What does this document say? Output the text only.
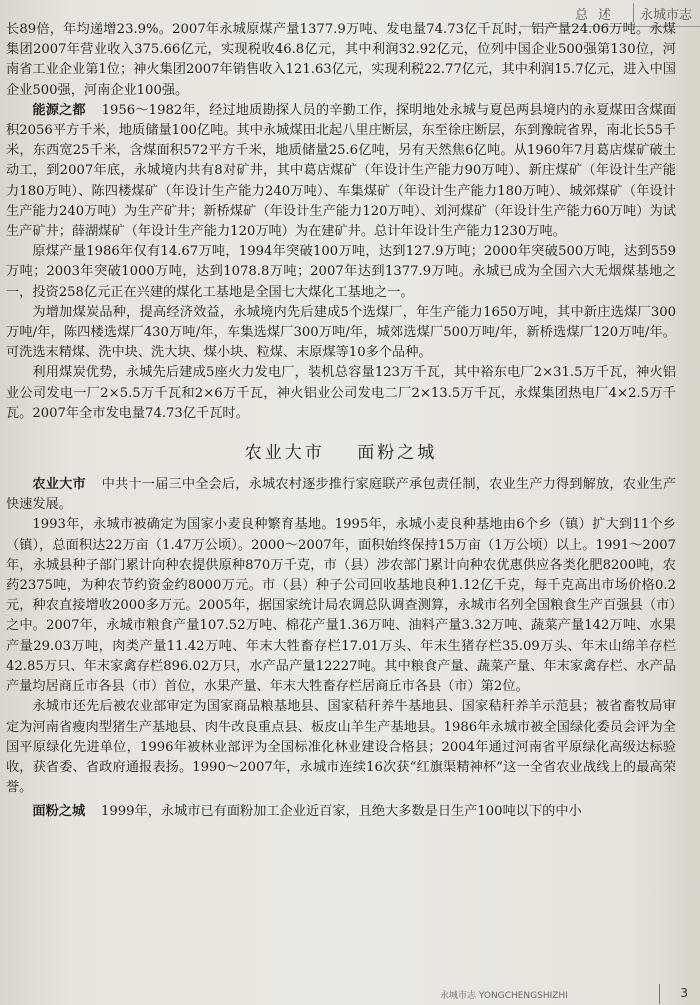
总述 永城市志

长89倍，年均递增23.9%。2007年永城原煤产量1377.9万吨、发电量74.73亿千瓦时，铝产量24.06万吨。永煤集团2007年营业收入375.66亿元，实现税收46.8亿元，其中利润32.92亿元，位列中国企业500强第130位，河南省工业企业第1位；神火集团2007年销售收入121.63亿元，实现利税22.77亿元，其中利润15.7亿元，进入中国企业500强，河南企业100强。

能源之都 1956～1982年，经过地质勘探人员的辛勤工作，探明地处永城与夏邑两县境内的永夏煤田含煤面积2056平方千米，地质储量100亿吨。其中永城煤田北起八里庄断层，东至徐庄断层，东到豫皖省界，南北长55千米，东西宽25千米，含煤面积572平方千米，地质储量25.6亿吨，另有天然焦6亿吨。从1960年7月葛店煤矿破土动工，到2007年底，永城境内共有8对矿井，其中葛店煤矿（年设计生产能力90万吨）、新庄煤矿（年设计生产能力180万吨）、陈四楼煤矿（年设计生产能力240万吨）、车集煤矿（年设计生产能力180万吨）、城郊煤矿（年设计生产能力240万吨）为生产矿井；新桥煤矿（年设计生产能力120万吨）、刘河煤矿（年设计生产能力60万吨）为试生产矿井；薛湖煤矿（年设计生产能力120万吨）为在建矿井。总计年设计生产能力1230万吨。

原煤产量1986年仅有14.67万吨，1994年突破100万吨，达到127.9万吨；2000年突破500万吨，达到559万吨；2003年突破1000万吨，达到1078.8万吨；2007年达到1377.9万吨。永城已成为全国六大无烟煤基地之一，投资258亿元正在兴建的煤化工基地是全国七大煤化工基地之一。

为增加煤炭品种，提高经济效益，永城境内先后建成5个选煤厂，年生产能力1650万吨，其中新庄选煤厂300万吨/年，陈四楼选煤厂430万吨/年，车集选煤厂300万吨/年，城郊选煤厂500万吨/年，新桥选煤厂120万吨/年。可洗选末精煤、洗中块、洗大块、煤小块、粒煤、末原煤等10多个品种。

利用煤炭优势，永城先后建成5座火力发电厂，装机总容量123万千瓦，其中裕东电厂2×31.5万千瓦，神火铝业公司发电一厂2×5.5万千瓦和2×6万千瓦，神火铝业公司发电二厂2×13.5万千瓦，永煤集团热电厂4×2.5万千瓦。2007年全市发电量74.73亿千瓦时。

农业大市 面粉之城

农业大市 中共十一届三中全会后，永城农村逐步推行家庭联产承包责任制，农业生产力得到解放，农业生产快速发展。

1993年，永城市被确定为国家小麦良种繁育基地。1995年，永城小麦良种基地由6个乡（镇）扩大到11个乡（镇），总面积达22万亩（1.47万公顷）。2000～2007年，面积始终保持15万亩（1万公顷）以上。1991～2007年，永城县种子部门累计向种农提供原种870万千克，市（县）涉农部门累计向种农优惠供应各类化肥8200吨，农药2375吨，为种农节约资金约8000万元。市（县）种子公司回收基地良种1.12亿千克，每千克高出市场价格0.2元，种农直接增收2000多万元。2005年，据国家统计局农调总队调查测算，永城市名列全国粮食生产百强县（市）之中。2007年，永城市粮食产量107.52万吨、棉花产量1.36万吨、油料产量3.32万吨、蔬菜产量142万吨、水果产量29.03万吨，肉类产量11.42万吨、年末大牲畜存栏17.01万头、年末生猪存栏35.09万头、年末山绵羊存栏42.85万只、年末家禽存栏896.02万只，水产品产量12227吨。其中粮食产量、蔬菜产量、年末家禽存栏、水产品产量均居商丘市各县（市）首位，水果产量、年末大牲畜存栏居商丘市各县（市）第2位。

永城市还先后被农业部审定为国家商品粮基地县、国家秸秆养牛基地县、国家秸秆养羊示范县；被省畜牧局审定为河南省瘦肉型猪生产基地县、肉牛改良重点县、板皮山羊生产基地县。1986年永城市被全国绿化委员会评为全国平原绿化先进单位，1996年被林业部评为全国标准化林业建设合格县；2004年通过河南省平原绿化高级达标验收，获省委、省政府通报表扬。1990～2007年，永城市连续16次获“红旗渠精神杯”这一全省农业战线上的最高荣誉。

面粉之城 1999年，永城市已有面粉加工企业近百家，且绝大多数是日生产100吨以下的中小

永城市志 YONGCHENGSHIZHI	3
